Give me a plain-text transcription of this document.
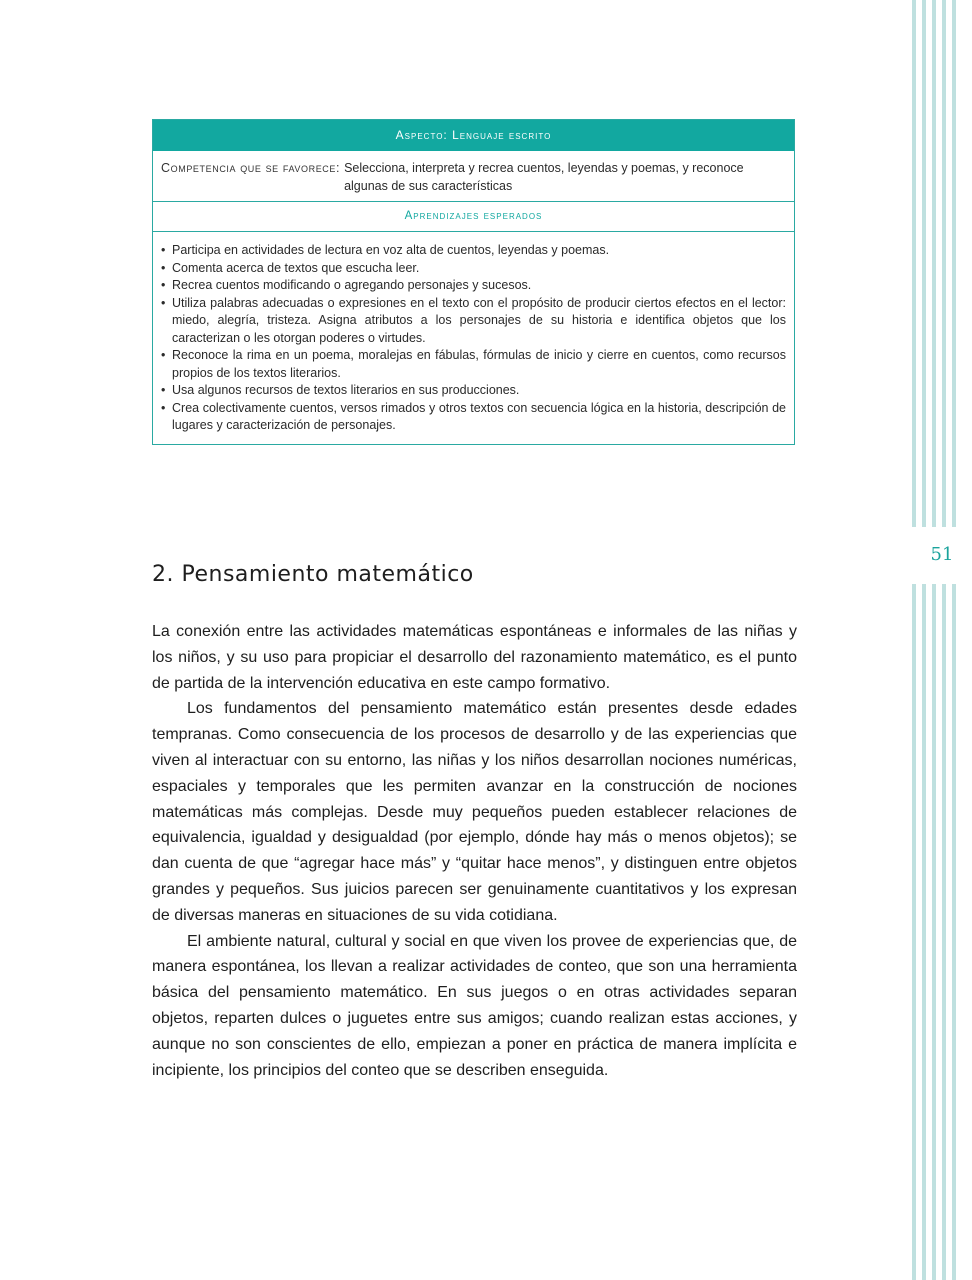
51
Aspecto: Lenguaje escrito
Competencia que se favorece: Selecciona, interpreta y recrea cuentos, leyendas y poemas, y reconoce algunas de sus características
Aprendizajes esperados
• Participa en actividades de lectura en voz alta de cuentos, leyendas y poemas.
• Comenta acerca de textos que escucha leer.
• Recrea cuentos modificando o agregando personajes y sucesos.
• Utiliza palabras adecuadas o expresiones en el texto con el propósito de producir ciertos efectos en el lector: miedo, alegría, tristeza. Asigna atributos a los personajes de su historia e identifica objetos que los caracterizan o les otorgan poderes o virtudes.
• Reconoce la rima en un poema, moralejas en fábulas, fórmulas de inicio y cierre en cuentos, como recursos propios de los textos literarios.
• Usa algunos recursos de textos literarios en sus producciones.
• Crea colectivamente cuentos, versos rimados y otros textos con secuencia lógica en la historia, descripción de lugares y caracterización de personajes.
2. Pensamiento matemático

La conexión entre las actividades matemáticas espontáneas e informales de las niñas y los niños, y su uso para propiciar el desarrollo del razonamiento matemático, es el punto de partida de la intervención educativa en este campo formativo.

Los fundamentos del pensamiento matemático están presentes desde edades tempranas. Como consecuencia de los procesos de desarrollo y de las experiencias que viven al interactuar con su entorno, las niñas y los niños desarrollan nociones numéricas, espaciales y temporales que les permiten avanzar en la construcción de nociones matemáticas más complejas. Desde muy pequeños pueden establecer relaciones de equivalencia, igualdad y desigualdad (por ejemplo, dónde hay más o menos objetos); se dan cuenta de que “agregar hace más” y “quitar hace menos”, y distinguen entre objetos grandes y pequeños. Sus juicios parecen ser genuinamente cuantitativos y los expresan de diversas maneras en situaciones de su vida cotidiana.

El ambiente natural, cultural y social en que viven los provee de experiencias que, de manera espontánea, los llevan a realizar actividades de conteo, que son una herramienta básica del pensamiento matemático. En sus juegos o en otras actividades separan objetos, reparten dulces o juguetes entre sus amigos; cuando realizan estas acciones, y aunque no son conscientes de ello, empiezan a poner en práctica de manera implícita e incipiente, los principios del conteo que se describen enseguida.
